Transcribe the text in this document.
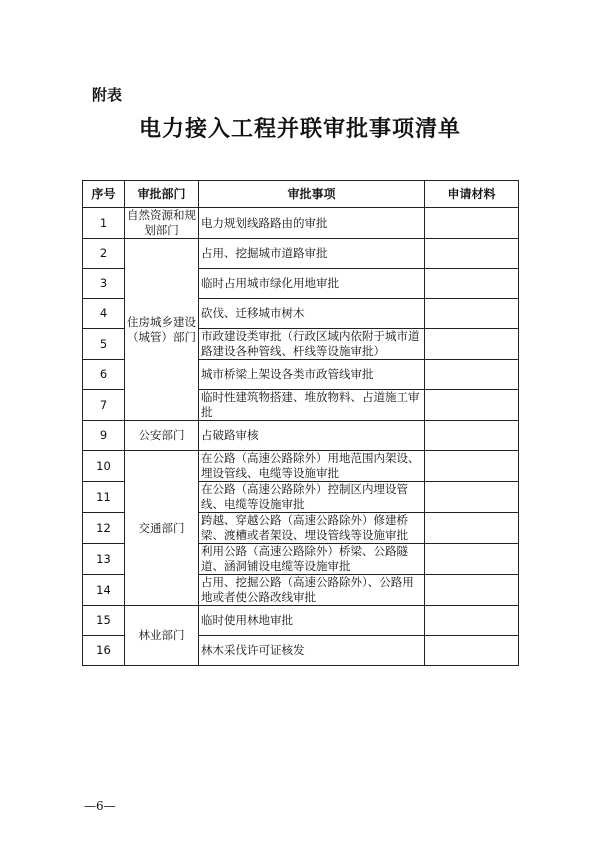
附表
电力接入工程并联审批事项清单
序号	审批部门	审批事项	申请材料
1	自然资源和规划部门	电力规划线路路由的审批	
2	住房城乡建设（城管）部门	占用、挖掘城市道路审批	
3		临时占用城市绿化用地审批	
4		砍伐、迁移城市树木	
5		市政建设类审批（行政区域内依附于城市道路建设各种管线、杆线等设施审批）	
6		城市桥梁上架设各类市政管线审批	
7		临时性建筑物搭建、堆放物料、占道施工审批	
9	公安部门	占破路审核	
10	交通部门	在公路（高速公路除外）用地范围内架设、埋设管线、电缆等设施审批	
11		在公路（高速公路除外）控制区内埋设管线、电缆等设施审批	
12		跨越、穿越公路（高速公路除外）修建桥梁、渡槽或者架设、埋设管线等设施审批	
13		利用公路（高速公路除外）桥梁、公路隧道、涵洞铺设电缆等设施审批	
14		占用、挖掘公路（高速公路除外）、公路用地或者使公路改线审批	
15	林业部门	临时使用林地审批	
16		林木采伐许可证核发	
—6—
